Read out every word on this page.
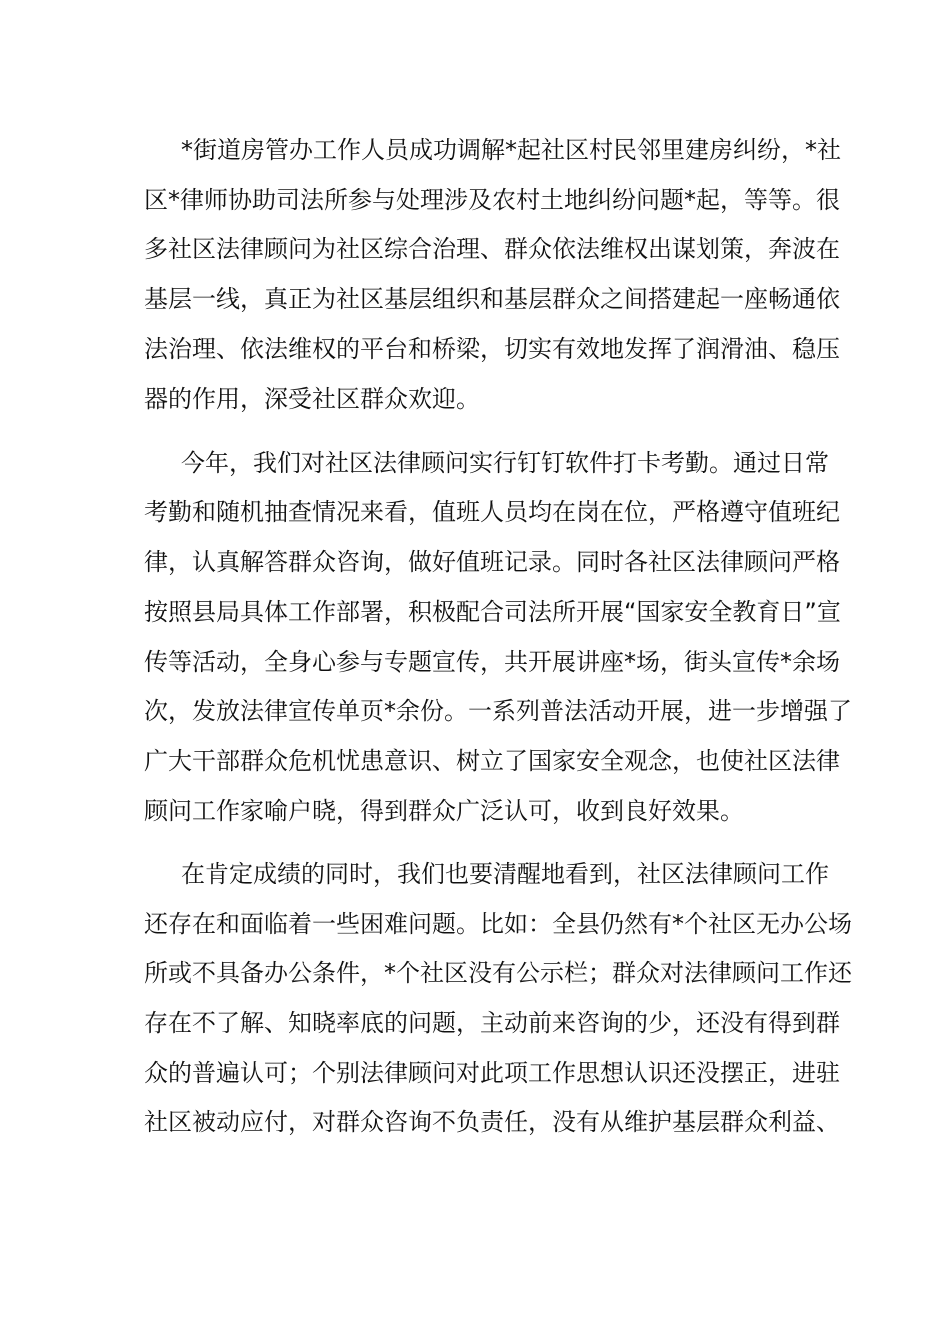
*街道房管办工作人员成功调解*起社区村民邻里建房纠纷，*社
区*律师协助司法所参与处理涉及农村土地纠纷问题*起，等等。很
多社区法律顾问为社区综合治理、群众依法维权出谋划策，奔波在
基层一线，真正为社区基层组织和基层群众之间搭建起一座畅通依
法治理、依法维权的平台和桥梁，切实有效地发挥了润滑油、稳压
器的作用，深受社区群众欢迎。
今年，我们对社区法律顾问实行钉钉软件打卡考勤。通过日常
考勤和随机抽查情况来看，值班人员均在岗在位，严格遵守值班纪
律，认真解答群众咨询，做好值班记录。同时各社区法律顾问严格
按照县局具体工作部署，积极配合司法所开展“国家安全教育日”宣
传等活动，全身心参与专题宣传，共开展讲座*场，街头宣传*余场
次，发放法律宣传单页*余份。一系列普法活动开展，进一步增强了
广大干部群众危机忧患意识、树立了国家安全观念，也使社区法律
顾问工作家喻户晓，得到群众广泛认可，收到良好效果。
在肯定成绩的同时，我们也要清醒地看到，社区法律顾问工作
还存在和面临着一些困难问题。比如：全县仍然有*个社区无办公场
所或不具备办公条件，*个社区没有公示栏；群众对法律顾问工作还
存在不了解、知晓率底的问题，主动前来咨询的少，还没有得到群
众的普遍认可；个别法律顾问对此项工作思想认识还没摆正，进驻
社区被动应付，对群众咨询不负责任，没有从维护基层群众利益、
